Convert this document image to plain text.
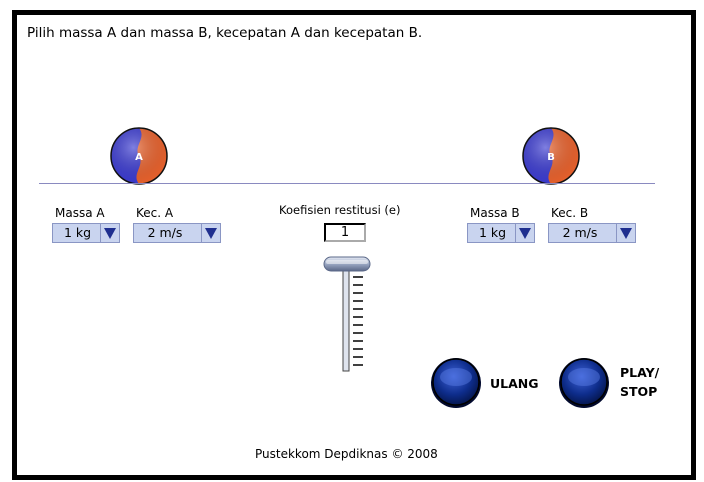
Pilih massa A dan massa B, kecepatan A dan kecepatan B.
A	B
Massa A
1 kg
Kec. A
2 m/s
Koefisien restitusi (e)
1
Massa B
1 kg
Kec. B
2 m/s
ULANG
PLAY/
STOP
Pustekkom Depdiknas © 2008
